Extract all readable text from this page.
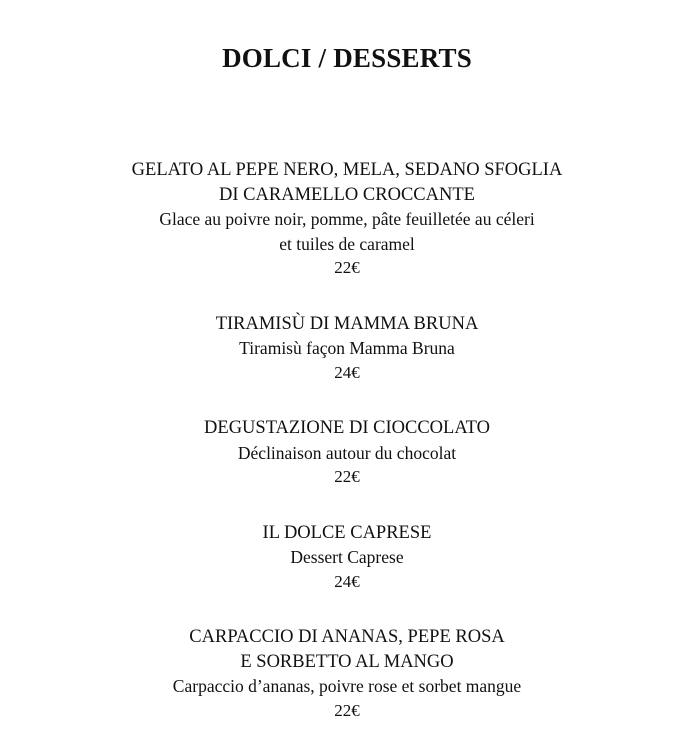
DOLCI / DESSERTS
GELATO AL PEPE NERO, MELA, SEDANO SFOGLIA
DI CARAMELLO CROCCANTE
Glace au poivre noir, pomme, pâte feuilletée au céleri
et tuiles de caramel
22€
TIRAMISÙ DI MAMMA BRUNA
Tiramisù façon Mamma Bruna
24€
DEGUSTAZIONE DI CIOCCOLATO
Déclinaison autour du chocolat
22€
IL DOLCE CAPRESE
Dessert Caprese
24€
CARPACCIO DI ANANAS, PEPE ROSA
E SORBETTO AL MANGO
Carpaccio d’ananas, poivre rose et sorbet mangue
22€
